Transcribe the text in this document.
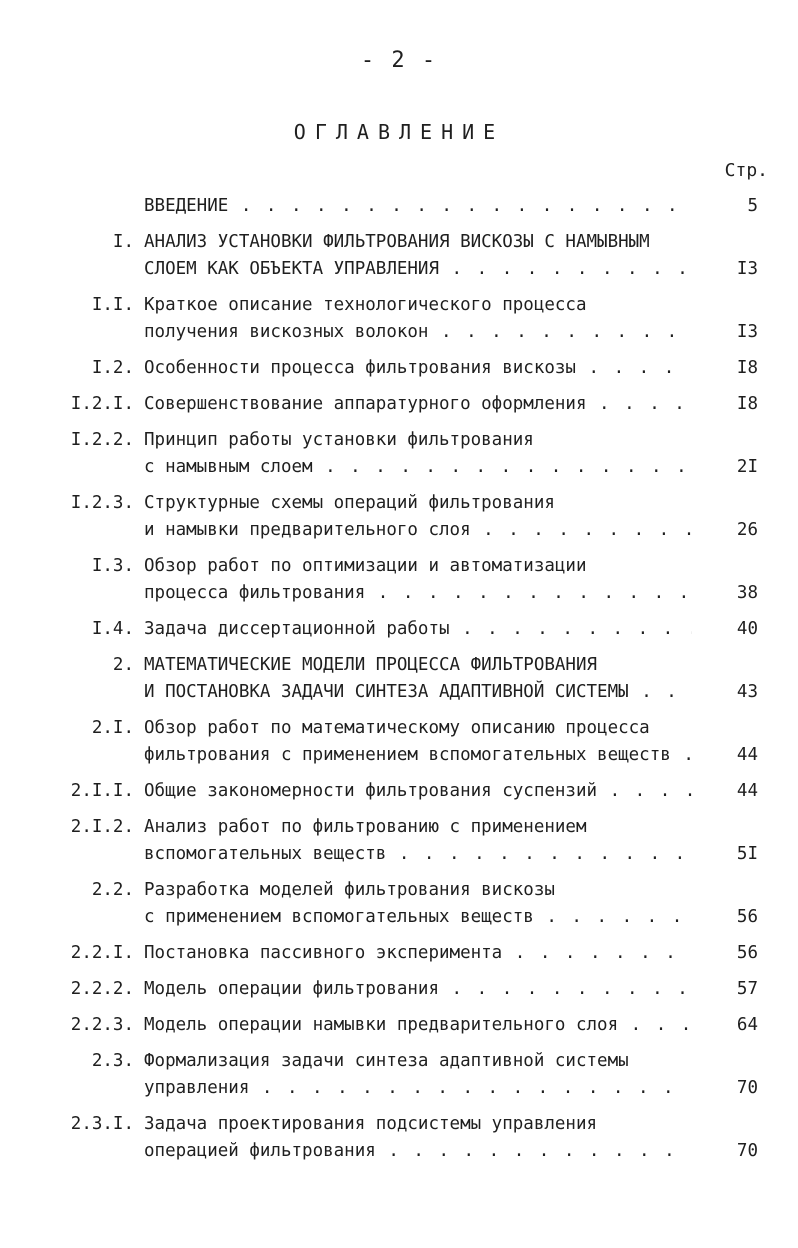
- 2 -
ОГЛАВЛЕНИЕ
Стр.
ВВЕДЕНИЕ . . .	5
I. АНАЛИЗ УСТАНОВКИ ФИЛЬТРОВАНИЯ ВИСКОЗЫ С НАМЫВНЫМ
СЛОЕМ КАК ОБЪЕКТА УПРАВЛЕНИЯ . . .	I3
I.I. Краткое описание технологического процесса
получения вискозных волокон . . .	I3
I.2. Особенности процесса фильтрования вискозы . . .	I8
I.2.I. Совершенствование аппаратурного оформления . . .	I8
I.2.2. Принцип работы установки фильтрования
с намывным слоем . . .	2I
I.2.3. Структурные схемы операций фильтрования
и намывки предварительного слоя . . .	26
I.3. Обзор работ по оптимизации и автоматизации
процесса фильтрования . . .	38
I.4. Задача диссертационной работы . . .	40
2. МАТЕМАТИЧЕСКИЕ МОДЕЛИ ПРОЦЕССА ФИЛЬТРОВАНИЯ
И ПОСТАНОВКА ЗАДАЧИ СИНТЕЗА АДАПТИВНОЙ СИСТЕМЫ . . .	43
2.I. Обзор работ по математическому описанию процесса
фильтрования с применением вспомогательных веществ . . .	44
2.I.I. Общие закономерности фильтрования суспензий . . .	44
2.I.2. Анализ работ по фильтрованию с применением
вспомогательных веществ . . .	5I
2.2. Разработка моделей фильтрования вискозы
с применением вспомогательных веществ . . .	56
2.2.I. Постановка пассивного эксперимента . . .	56
2.2.2. Модель операции фильтрования . . .	57
2.2.3. Модель операции намывки предварительного слоя . . .	64
2.3. Формализация задачи синтеза адаптивной системы
управления . . .	70
2.3.I. Задача проектирования подсистемы управления
операцией фильтрования . . .	70
